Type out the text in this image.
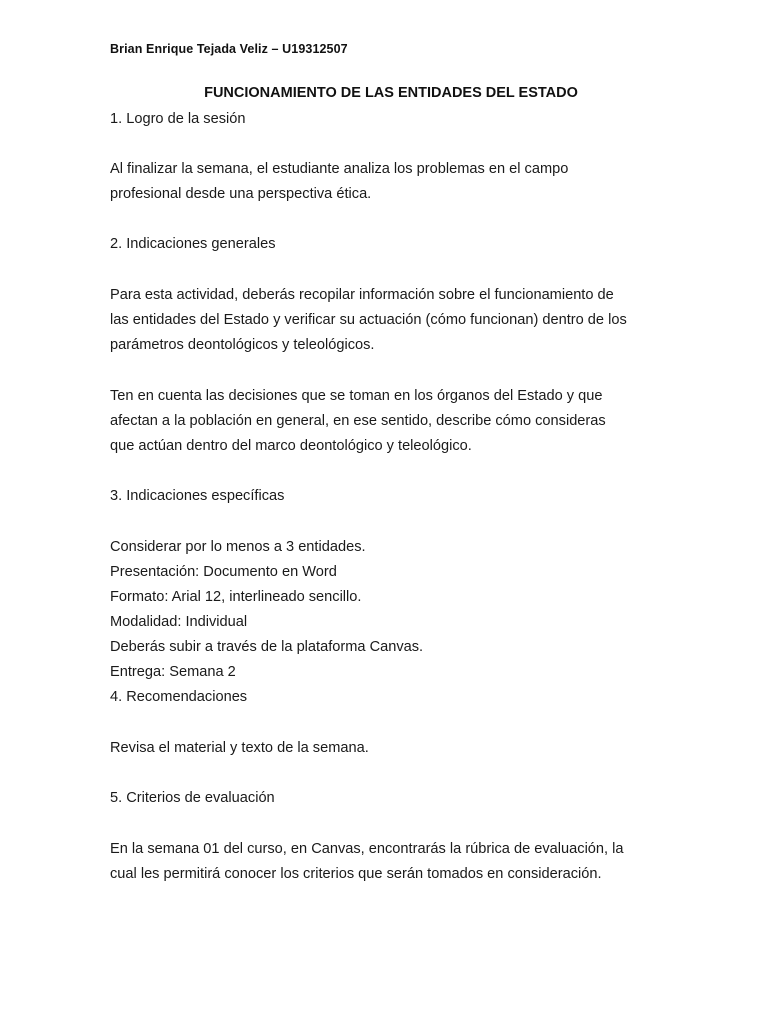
Brian Enrique Tejada Veliz – U19312507
FUNCIONAMIENTO DE LAS ENTIDADES DEL ESTADO
1. Logro de la sesión
Al finalizar la semana, el estudiante analiza los problemas en el campo
profesional desde una perspectiva ética.
2. Indicaciones generales
Para esta actividad, deberás recopilar información sobre el funcionamiento de
las entidades del Estado y verificar su actuación (cómo funcionan) dentro de los
parámetros deontológicos y teleológicos.
Ten en cuenta las decisiones que se toman en los órganos del Estado y que
afectan a la población en general, en ese sentido, describe cómo consideras
que actúan dentro del marco deontológico y teleológico.
3. Indicaciones específicas
Considerar por lo menos a 3 entidades.
Presentación: Documento en Word
Formato: Arial 12, interlineado sencillo.
Modalidad: Individual
Deberás subir a través de la plataforma Canvas.
Entrega: Semana 2
4. Recomendaciones
Revisa el material y texto de la semana.
5. Criterios de evaluación
En la semana 01 del curso, en Canvas, encontrarás la rúbrica de evaluación, la
cual les permitirá conocer los criterios que serán tomados en consideración.
